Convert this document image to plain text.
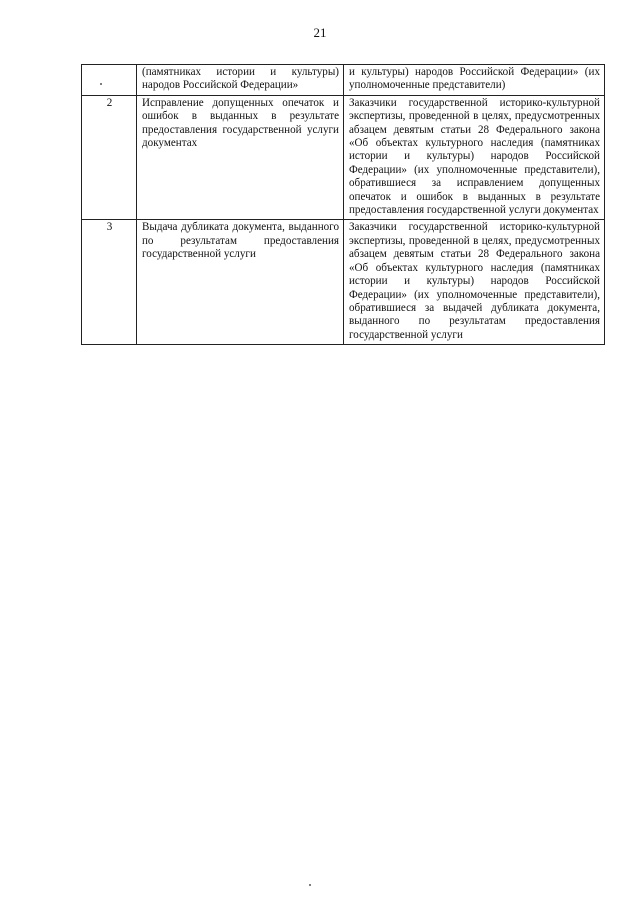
21
	(памятниках истории и культуры) народов Российской Федерации»	и культуры) народов Российской Федерации» (их уполномоченные представители)
2	Исправление допущенных опечаток и ошибок в выданных в результате предоставления государственной услуги документах	Заказчики государственной историко-культурной экспертизы, проведенной в целях, предусмотренных абзацем девятым статьи 28 Федерального закона «Об объектах культурного наследия (памятниках истории и культуры) народов Российской Федерации» (их уполномоченные представители), обратившиеся за исправлением допущенных опечаток и ошибок в выданных в результате предоставления государственной услуги документах
3	Выдача дубликата документа, выданного по результатам предоставления государственной услуги	Заказчики государственной историко-культурной экспертизы, проведенной в целях, предусмотренных абзацем девятым статьи 28 Федерального закона «Об объектах культурного наследия (памятниках истории и культуры) народов Российской Федерации» (их уполномоченные представители), обратившиеся за выдачей дубликата документа, выданного по результатам предоставления государственной услуги
